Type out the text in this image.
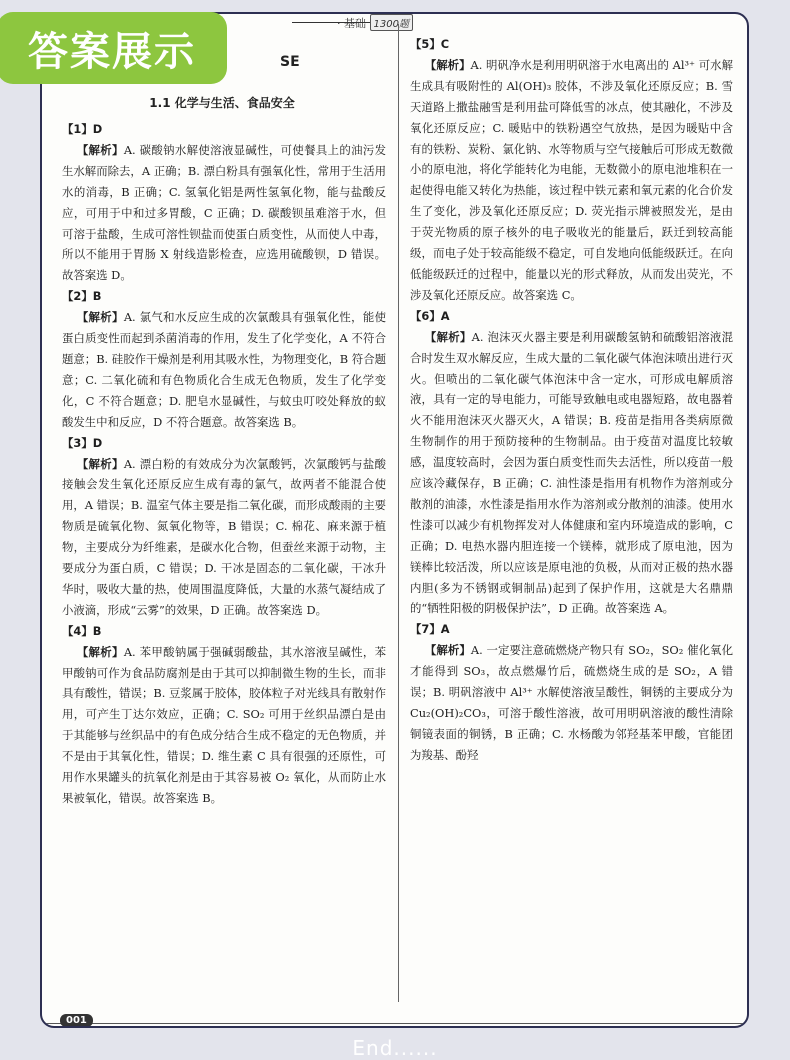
· 基础 1300题
SE
1.1 化学与生活、食品安全
【1】D
【解析】A. 碳酸钠水解使溶液显碱性，可使餐具上的油污发生水解而除去，A 正确；B. 漂白粉具有强氧化性，常用于生活用水的消毒，B 正确；C. 氢氧化铝是两性氢氧化物，能与盐酸反应，可用于中和过多胃酸，C 正确；D. 碳酸钡虽难溶于水，但可溶于盐酸，生成可溶性钡盐而使蛋白质变性，从而使人中毒，所以不能用于胃肠 X 射线造影检查，应选用硫酸钡，D 错误。故答案选 D。
【2】B
【解析】A. 氯气和水反应生成的次氯酸具有强氧化性，能使蛋白质变性而起到杀菌消毒的作用，发生了化学变化，A 不符合题意；B. 硅胶作干燥剂是利用其吸水性，为物理变化，B 符合题意；C. 二氧化硫和有色物质化合生成无色物质，发生了化学变化，C 不符合题意；D. 肥皂水显碱性，与蚊虫叮咬处释放的蚁酸发生中和反应，D 不符合题意。故答案选 B。
【3】D
【解析】A. 漂白粉的有效成分为次氯酸钙，次氯酸钙与盐酸接触会发生氧化还原反应生成有毒的氯气，故两者不能混合使用，A 错误；B. 温室气体主要是指二氧化碳，而形成酸雨的主要物质是硫氧化物、氮氧化物等，B 错误；C. 棉花、麻来源于植物，主要成分为纤维素，是碳水化合物，但蚕丝来源于动物，主要成分为蛋白质，C 错误；D. 干冰是固态的二氧化碳，干冰升华时，吸收大量的热，使周围温度降低，大量的水蒸气凝结成了小液滴，形成“云雾”的效果，D 正确。故答案选 D。
【4】B
【解析】A. 苯甲酸钠属于强碱弱酸盐，其水溶液呈碱性，苯甲酸钠可作为食品防腐剂是由于其可以抑制微生物的生长，而非具有酸性，错误；B. 豆浆属于胶体，胶体粒子对光线具有散射作用，可产生丁达尔效应，正确；C. SO₂ 可用于丝织品漂白是由于其能够与丝织品中的有色成分结合生成不稳定的无色物质，并不是由于其氧化性，错误；D. 维生素 C 具有很强的还原性，可用作水果罐头的抗氧化剂是由于其容易被 O₂ 氧化，从而防止水果被氧化，错误。故答案选 B。
【5】C
【解析】A. 明矾净水是利用明矾溶于水电离出的 Al³⁺ 可水解生成具有吸附性的 Al(OH)₃ 胶体，不涉及氧化还原反应；B. 雪天道路上撒盐融雪是利用盐可降低雪的冰点，使其融化，不涉及氧化还原反应；C. 暖贴中的铁粉遇空气放热，是因为暖贴中含有的铁粉、炭粉、氯化钠、水等物质与空气接触后可形成无数微小的原电池，将化学能转化为电能，无数微小的原电池堆积在一起使得电能又转化为热能，该过程中铁元素和氧元素的化合价发生了变化，涉及氧化还原反应；D. 荧光指示牌被照发光，是由于荧光物质的原子核外的电子吸收光的能量后，跃迁到较高能级，而电子处于较高能级不稳定，可自发地向低能级跃迁。在向低能级跃迁的过程中，能量以光的形式释放，从而发出荧光，不涉及氧化还原反应。故答案选 C。
【6】A
【解析】A. 泡沫灭火器主要是利用碳酸氢钠和硫酸铝溶液混合时发生双水解反应，生成大量的二氧化碳气体泡沫喷出进行灭火。但喷出的二氧化碳气体泡沫中含一定水，可形成电解质溶液，具有一定的导电能力，可能导致触电或电器短路，故电器着火不能用泡沫灭火器灭火，A 错误；B. 疫苗是指用各类病原微生物制作的用于预防接种的生物制品。由于疫苗对温度比较敏感，温度较高时，会因为蛋白质变性而失去活性，所以疫苗一般应该冷藏保存，B 正确；C. 油性漆是指用有机物作为溶剂或分散剂的油漆，水性漆是指用水作为溶剂或分散剂的油漆。使用水性漆可以减少有机物挥发对人体健康和室内环境造成的影响，C 正确；D. 电热水器内胆连接一个镁棒，就形成了原电池，因为镁棒比较活泼，所以应该是原电池的负极，从而对正极的热水器内胆(多为不锈钢或铜制品)起到了保护作用，这就是大名鼎鼎的“牺牲阳极的阴极保护法”，D 正确。故答案选 A。
【7】A
【解析】A. 一定要注意硫燃烧产物只有 SO₂，SO₂ 催化氧化才能得到 SO₃，故点燃爆竹后，硫燃烧生成的是 SO₂，A 错误；B. 明矾溶液中 Al³⁺ 水解使溶液呈酸性，铜锈的主要成分为 Cu₂(OH)₂CO₃，可溶于酸性溶液，故可用明矾溶液的酸性清除铜镜表面的铜锈，B 正确；C. 水杨酸为邻羟基苯甲酸，官能团为羧基、酚羟
001
答案展示
End......
